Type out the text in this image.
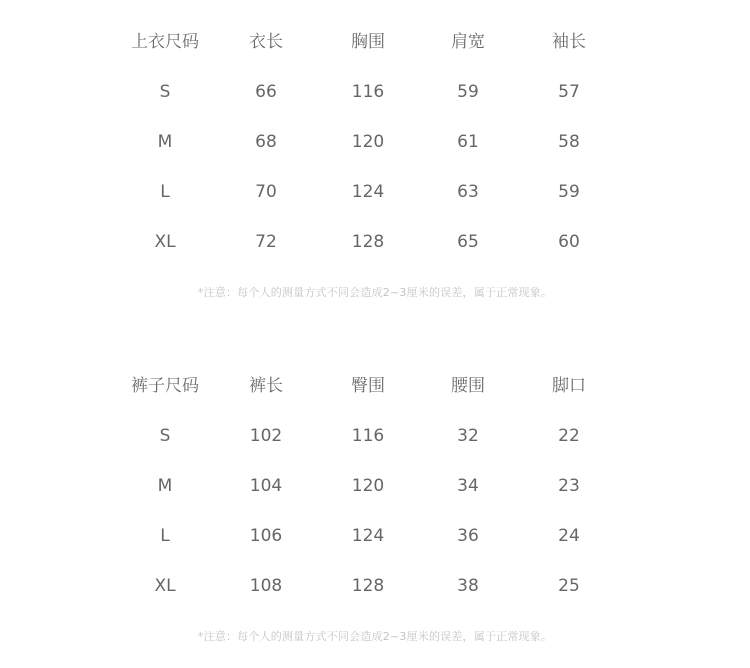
上衣尺码	衣长	胸围	肩宽	袖长
S	66	116	59	57
M	68	120	61	58
L	70	124	63	59
XL	72	128	65	60
*注意：每个人的测量方式不同会造成2~3厘米的误差，属于正常现象。
裤子尺码	裤长	臀围	腰围	脚口
S	102	116	32	22
M	104	120	34	23
L	106	124	36	24
XL	108	128	38	25
*注意：每个人的测量方式不同会造成2~3厘米的误差，属于正常现象。
